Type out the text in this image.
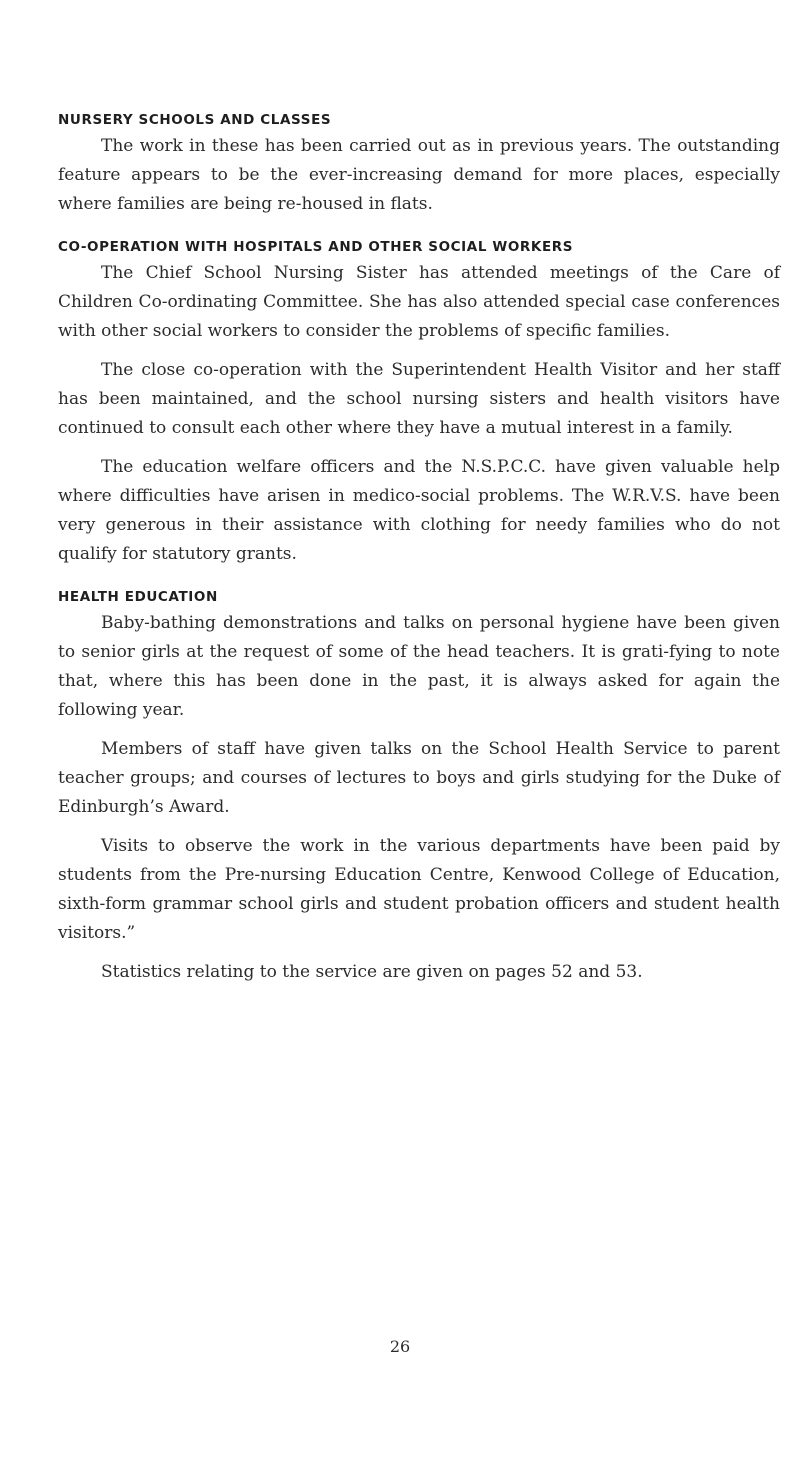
NURSERY SCHOOLS AND CLASSES

The work in these has been carried out as in previous years. The outstanding feature appears to be the ever-increasing demand for more places, especially where families are being re-housed in flats.

CO-OPERATION WITH HOSPITALS AND OTHER SOCIAL WORKERS

The Chief School Nursing Sister has attended meetings of the Care of Children Co-ordinating Committee. She has also attended special case conferences with other social workers to consider the problems of specific families.

The close co-operation with the Superintendent Health Visitor and her staff has been maintained, and the school nursing sisters and health visitors have continued to consult each other where they have a mutual interest in a family.

The education welfare officers and the N.S.P.C.C. have given valuable help where difficulties have arisen in medico-social problems. The W.R.V.S. have been very generous in their assistance with clothing for needy families who do not qualify for statutory grants.

HEALTH EDUCATION

Baby-bathing demonstrations and talks on personal hygiene have been given to senior girls at the request of some of the head teachers. It is grati-fying to note that, where this has been done in the past, it is always asked for again the following year.

Members of staff have given talks on the School Health Service to parent teacher groups; and courses of lectures to boys and girls studying for the Duke of Edinburgh’s Award.

Visits to observe the work in the various departments have been paid by students from the Pre-nursing Education Centre, Kenwood College of Education, sixth-form grammar school girls and student probation officers and student health visitors.”

Statistics relating to the service are given on pages 52 and 53.

26
